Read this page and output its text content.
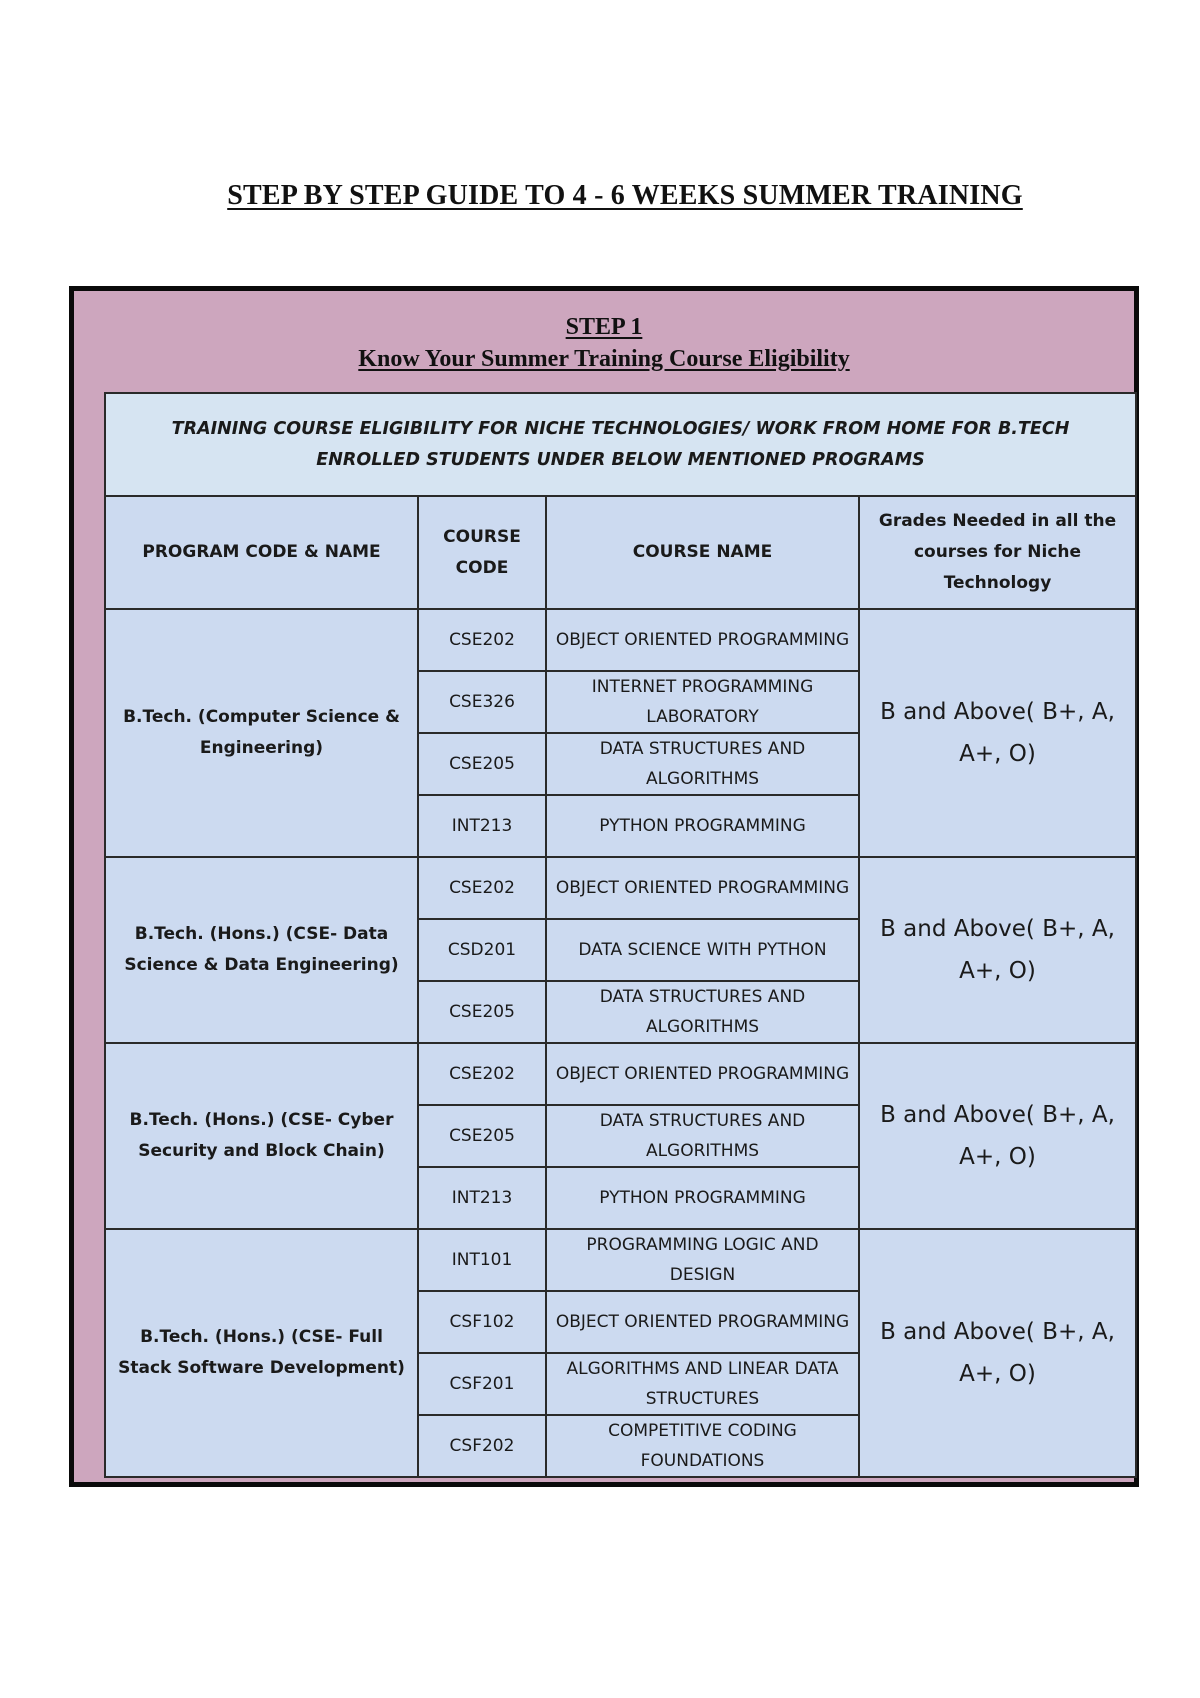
STEP BY STEP GUIDE TO 4 - 6 WEEKS SUMMER TRAINING
STEP 1
Know Your Summer Training Course Eligibility
TRAINING COURSE ELIGIBILITY FOR NICHE TECHNOLOGIES/ WORK FROM HOME FOR B.TECH ENROLLED STUDENTS UNDER BELOW MENTIONED PROGRAMS			
PROGRAM CODE & NAME	COURSE CODE	COURSE NAME	Grades Needed in all the courses for Niche Technology
B.Tech. (Computer Science & Engineering)	CSE202	OBJECT ORIENTED PROGRAMMING	B and Above( B+, A, A+, O)
	CSE326	INTERNET PROGRAMMING LABORATORY	
	CSE205	DATA STRUCTURES AND ALGORITHMS	
	INT213	PYTHON PROGRAMMING	
B.Tech. (Hons.) (CSE- Data Science & Data Engineering)	CSE202	OBJECT ORIENTED PROGRAMMING	B and Above( B+, A, A+, O)
	CSD201	DATA SCIENCE WITH PYTHON	
	CSE205	DATA STRUCTURES AND ALGORITHMS	
B.Tech. (Hons.) (CSE- Cyber Security and Block Chain)	CSE202	OBJECT ORIENTED PROGRAMMING	B and Above( B+, A, A+, O)
	CSE205	DATA STRUCTURES AND ALGORITHMS	
	INT213	PYTHON PROGRAMMING	
B.Tech. (Hons.) (CSE- Full Stack Software Development)	INT101	PROGRAMMING LOGIC AND DESIGN	B and Above( B+, A, A+, O)
	CSF102	OBJECT ORIENTED PROGRAMMING	
	CSF201	ALGORITHMS AND LINEAR DATA STRUCTURES	
	CSF202	COMPETITIVE CODING FOUNDATIONS	
